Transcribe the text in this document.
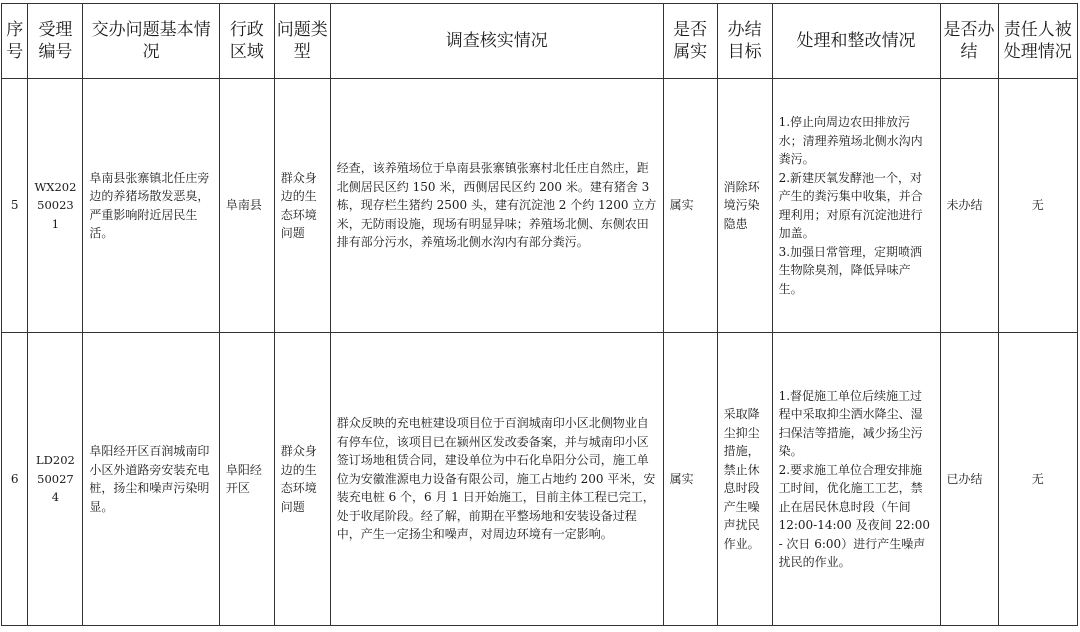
序号	受理编号	交办问题基本情况	行政区域	问题类型	调查核实情况	是否属实	办结目标	处理和整改情况	是否办结	责任人被处理情况
5	WX20250023 1	阜南县张寨镇北任庄旁边的养猪场散发恶臭，严重影响附近居民生活。	阜南县	群众身边的生态环境问题	经查，该养殖场位于阜南县张寨镇张寨村北任庄自然庄，距北侧居民区约 150 米，西侧居民区约 200 米。建有猪舍 3 栋，现存栏生猪约 2500 头，建有沉淀池 2 个约 1200 立方米，无防雨设施，现场有明显异味；养殖场北侧、东侧农田排有部分污水，养殖场北侧水沟内有部分粪污。	属实	消除环境污染隐患	1.停止向周边农田排放污水；清理养殖场北侧水沟内粪污。
2.新建厌氧发酵池一个，对产生的粪污集中收集，并合理利用；对原有沉淀池进行加盖。
3.加强日常管理，定期喷洒生物除臭剂，降低异味产生。	未办结	无
6	LD20250027 4	阜阳经开区百润城南印小区外道路旁安装充电桩，扬尘和噪声污染明显。	阜阳经开区	群众身边的生态环境问题	群众反映的充电桩建设项目位于百润城南印小区北侧物业自有停车位，该项目已在颍州区发改委备案，并与城南印小区签订场地租赁合同，建设单位为中石化阜阳分公司，施工单位为安徽淮源电力设备有限公司，施工占地约 200 平米，安装充电桩 6 个，6 月 1 日开始施工，目前主体工程已完工，处于收尾阶段。经了解，前期在平整场地和安装设备过程中，产生一定扬尘和噪声，对周边环境有一定影响。	属实	采取降尘抑尘措施，禁止休息时段产生噪声扰民作业。	1.督促施工单位后续施工过程中采取抑尘洒水降尘、湿扫保洁等措施，减少扬尘污染。
2.要求施工单位合理安排施工时间，优化施工工艺，禁止在居民休息时段（午间 12:00-14:00 及夜间 22:00 - 次日 6:00）进行产生噪声扰民的作业。	已办结	无
